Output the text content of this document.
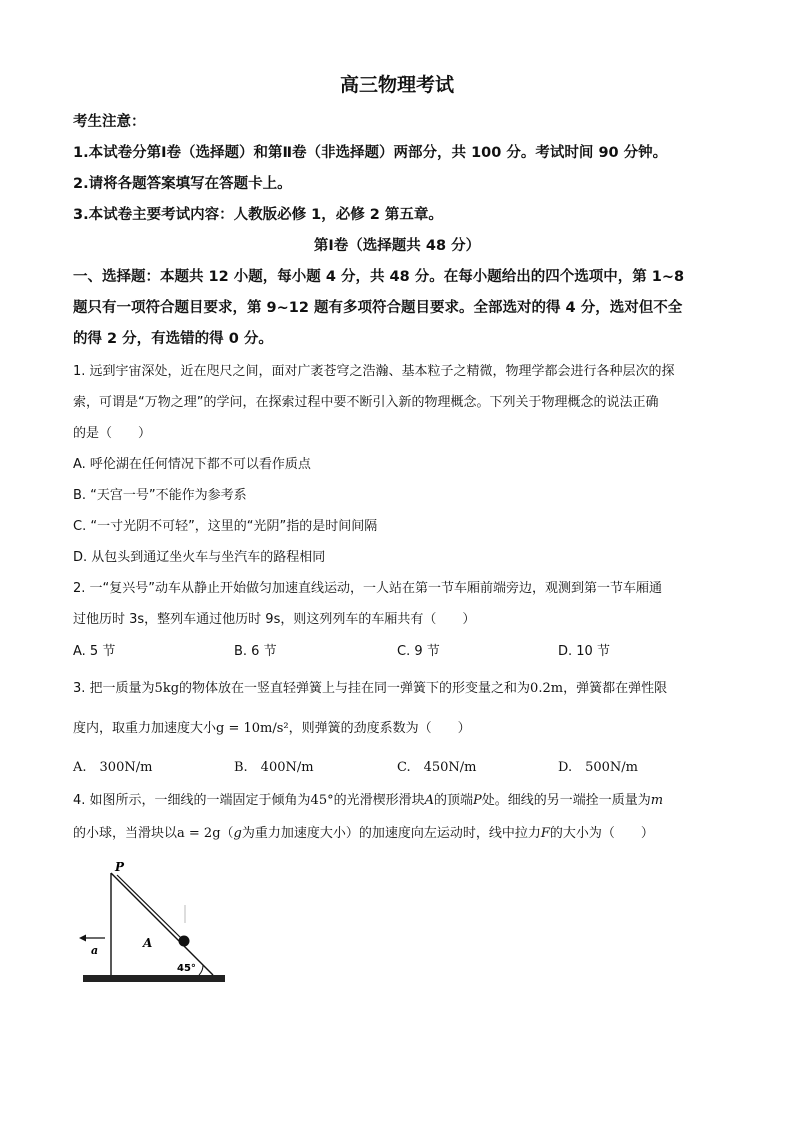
高三物理考试
考生注意：
1.本试卷分第Ⅰ卷（选择题）和第Ⅱ卷（非选择题）两部分，共 100 分。考试时间 90 分钟。
2.请将各题答案填写在答题卡上。
3.本试卷主要考试内容：人教版必修 1，必修 2 第五章。
第Ⅰ卷（选择题共 48 分）
一、选择题：本题共 12 小题，每小题 4 分，共 48 分。在每小题给出的四个选项中，第 1~8
题只有一项符合题目要求，第 9~12 题有多项符合题目要求。全部选对的得 4 分，选对但不全
的得 2 分，有选错的得 0 分。
1. 远到宇宙深处，近在咫尺之间，面对广袤苍穹之浩瀚、基本粒子之精微，物理学都会进行各种层次的探
索，可谓是“万物之理”的学问，在探索过程中要不断引入新的物理概念。下列关于物理概念的说法正确
的是（　　）
A. 呼伦湖在任何情况下都不可以看作质点
B. “天宫一号”不能作为参考系
C. “一寸光阴不可轻”，这里的“光阴”指的是时间间隔
D. 从包头到通辽坐火车与坐汽车的路程相同
2. 一“复兴号”动车从静止开始做匀加速直线运动，一人站在第一节车厢前端旁边，观测到第一节车厢通
过他历时 3s，整列车通过他历时 9s，则这列列车的车厢共有（　　）
A. 5 节	B. 6 节	C. 9 节	D. 10 节
3. 把一质量为5kg的物体放在一竖直轻弹簧上与挂在同一弹簧下的形变量之和为0.2m，弹簧都在弹性限
度内，取重力加速度大小g = 10m/s²，则弹簧的劲度系数为（　　）
A.　300N/m	B.　400N/m	C.　450N/m	D.　500N/m
4. 如图所示，一细线的一端固定于倾角为45°的光滑楔形滑块A的顶端P处。细线的另一端拴一质量为m
的小球，当滑块以a = 2g（g为重力加速度大小）的加速度向左运动时，线中拉力F的大小为（　　）
P
A
a
45°
